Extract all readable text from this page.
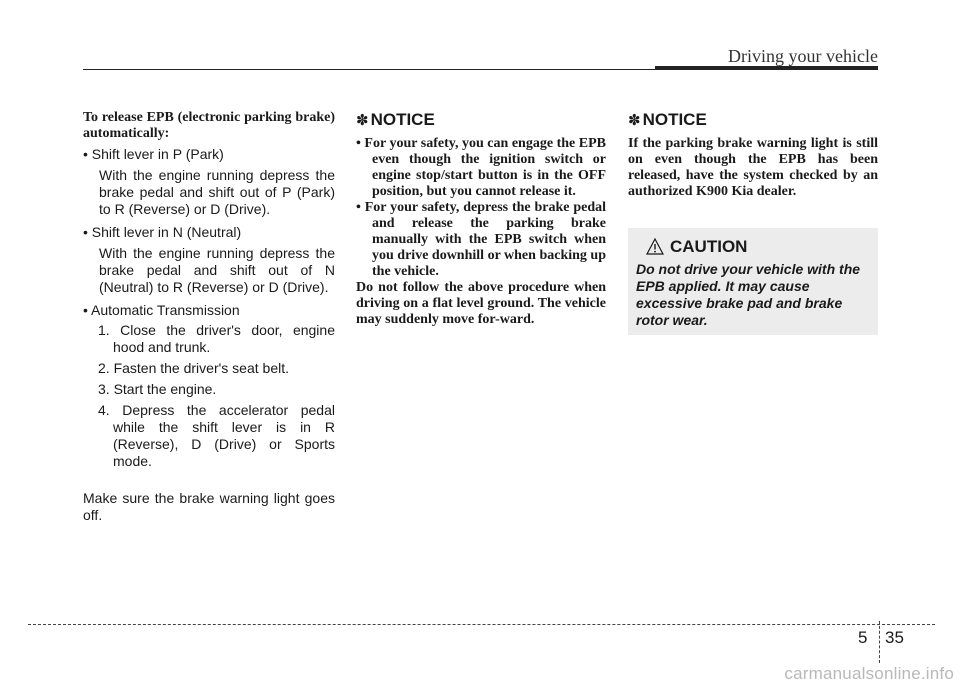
Driving your vehicle
To release EPB (electronic parking brake) automatically:
• Shift lever in P (Park)
With the engine running depress the brake pedal and shift out of P (Park) to R (Reverse) or D (Drive).
• Shift lever in N (Neutral)
With the engine running depress the brake pedal and shift out of N (Neutral) to R (Reverse) or D (Drive).
• Automatic Transmission
1. Close the driver's door, engine hood and trunk.
2. Fasten the driver's seat belt.
3. Start the engine.
4. Depress the accelerator pedal while the shift lever is in R (Reverse), D (Drive) or Sports mode.
Make sure the brake warning light goes off.
✽ NOTICE
• For your safety, you can engage the EPB even though the ignition switch or engine stop/start button is in the OFF position, but you cannot release it.
• For your safety, depress the brake pedal and release the parking brake manually with the EPB switch when you drive downhill or when backing up the vehicle.
Do not follow the above procedure when driving on a flat level ground. The vehicle may suddenly move for-ward.
✽ NOTICE
If the parking brake warning light is still on even though the EPB has been released, have the system checked by an authorized K900 Kia dealer.
CAUTION
Do not drive your vehicle with the EPB applied. It may cause excessive brake pad and brake rotor wear.
5 35
carmanualsonline.info
